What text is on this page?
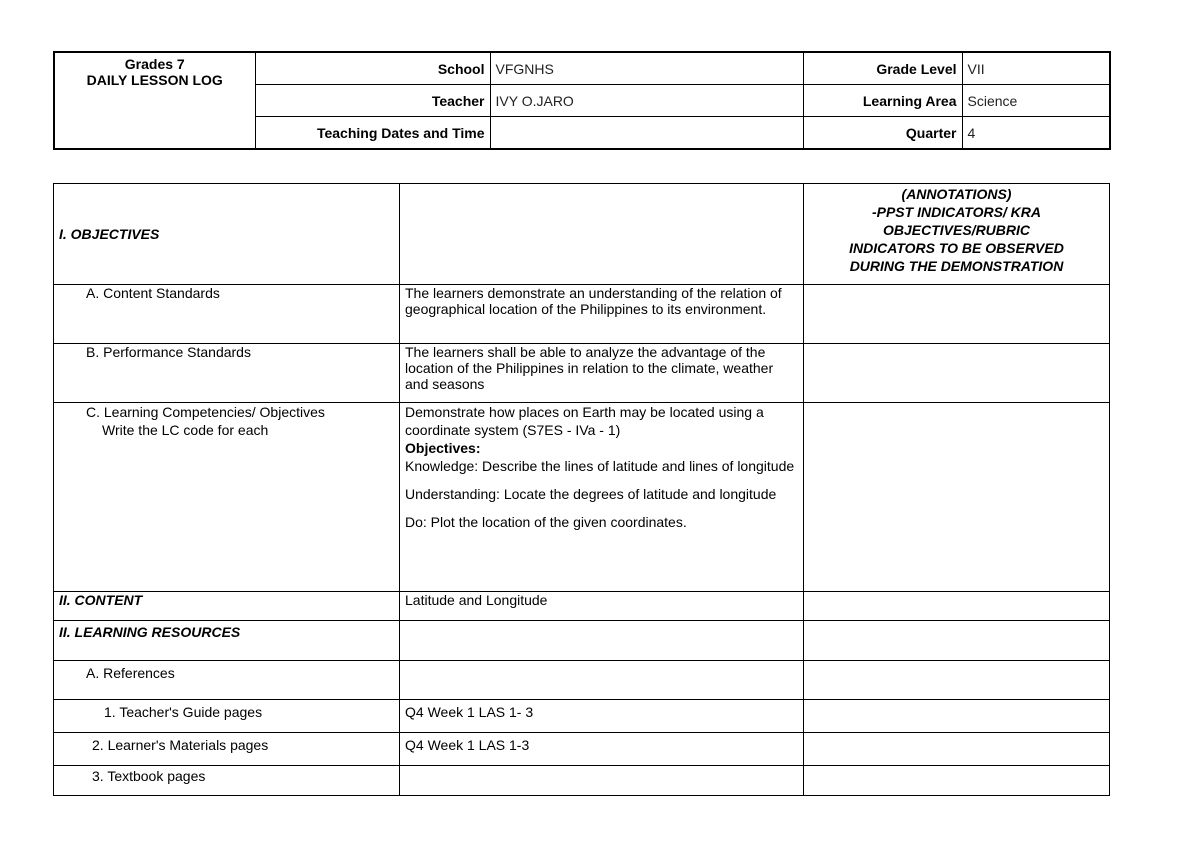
Grades 7
DAILY LESSON LOG	School	VFGNHS	Grade Level	VII
	Teacher	IVY O.JARO	Learning Area	Science
	Teaching Dates and Time		Quarter	4
I. OBJECTIVES		(ANNOTATIONS)
-PPST INDICATORS/ KRA
OBJECTIVES/RUBRIC
INDICATORS TO BE OBSERVED
DURING THE DEMONSTRATION

A. Content Standards	The learners demonstrate an understanding of the relation of geographical location of the Philippines to its environment.	
B. Performance Standards	The learners shall be able to analyze the advantage of the location of the Philippines in relation to the climate, weather and seasons	

C. Learning Competencies/ Objectives
Write the LC code for each	Demonstrate how places on Earth may be located using a coordinate system (S7ES - IVa - 1)
Objectives:
Knowledge: Describe the lines of latitude and lines of longitude
Understanding: Locate the degrees of latitude and longitude
Do: Plot the location of the given coordinates.	

II. CONTENT	Latitude and Longitude	
II. LEARNING RESOURCES		
A. References		
1. Teacher's Guide pages	Q4 Week 1 LAS 1- 3	
2. Learner's Materials pages	Q4 Week 1 LAS 1-3	
3. Textbook pages		
